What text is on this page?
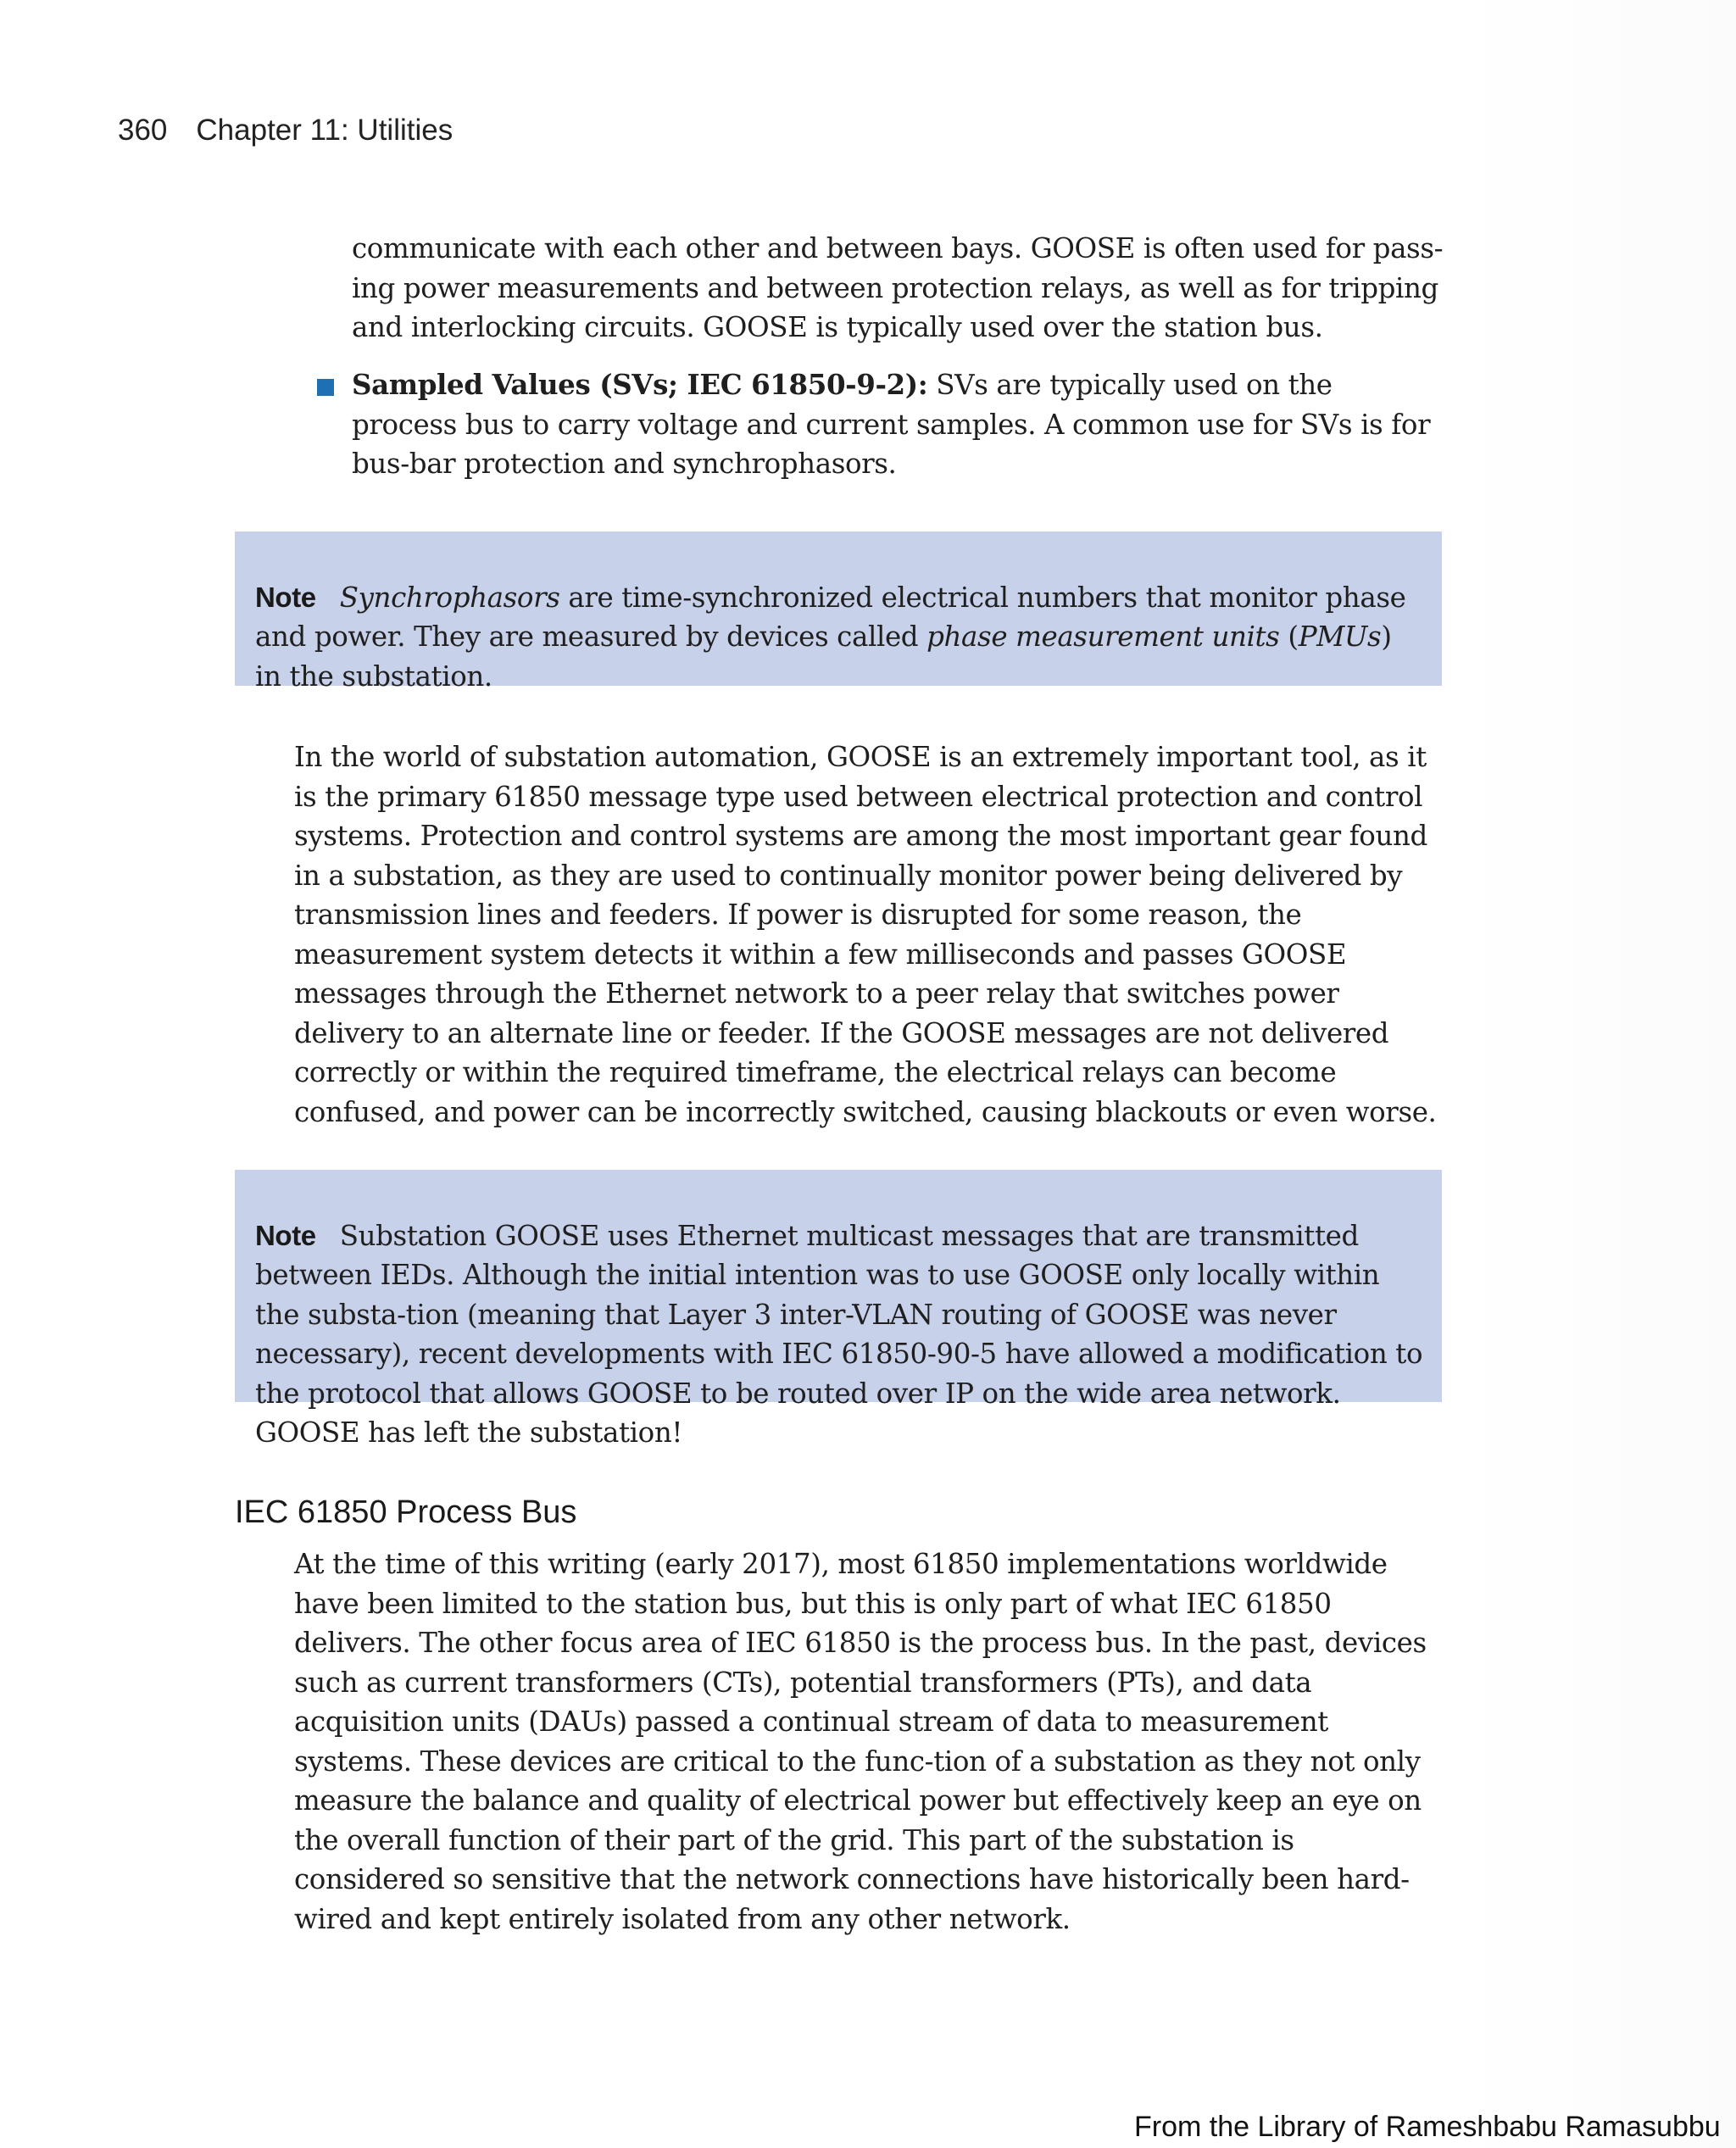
360 Chapter 11: Utilities

communicate with each other and between bays. GOOSE is often used for pass-ing power measurements and between protection relays, as well as for tripping and interlocking circuits. GOOSE is typically used over the station bus.

Sampled Values (SVs; IEC 61850-9-2): SVs are typically used on the process bus to carry voltage and current samples. A common use for SVs is for bus-bar protection and synchrophasors.

Note Synchrophasors are time-synchronized electrical numbers that monitor phase and power. They are measured by devices called phase measurement units (PMUs) in the substation.

In the world of substation automation, GOOSE is an extremely important tool, as it is the primary 61850 message type used between electrical protection and control systems. Protection and control systems are among the most important gear found in a substation, as they are used to continually monitor power being delivered by transmission lines and feeders. If power is disrupted for some reason, the measurement system detects it within a few milliseconds and passes GOOSE messages through the Ethernet network to a peer relay that switches power delivery to an alternate line or feeder. If the GOOSE messages are not delivered correctly or within the required timeframe, the electrical relays can become confused, and power can be incorrectly switched, causing blackouts or even worse.

Note Substation GOOSE uses Ethernet multicast messages that are transmitted between IEDs. Although the initial intention was to use GOOSE only locally within the substa-tion (meaning that Layer 3 inter-VLAN routing of GOOSE was never necessary), recent developments with IEC 61850-90-5 have allowed a modification to the protocol that allows GOOSE to be routed over IP on the wide area network. GOOSE has left the substation!

IEC 61850 Process Bus

At the time of this writing (early 2017), most 61850 implementations worldwide have been limited to the station bus, but this is only part of what IEC 61850 delivers. The other focus area of IEC 61850 is the process bus. In the past, devices such as current transformers (CTs), potential transformers (PTs), and data acquisition units (DAUs) passed a continual stream of data to measurement systems. These devices are critical to the func-tion of a substation as they not only measure the balance and quality of electrical power but effectively keep an eye on the overall function of their part of the grid. This part of the substation is considered so sensitive that the network connections have historically been hard-wired and kept entirely isolated from any other network.

From the Library of Rameshbabu Ramasubbu
